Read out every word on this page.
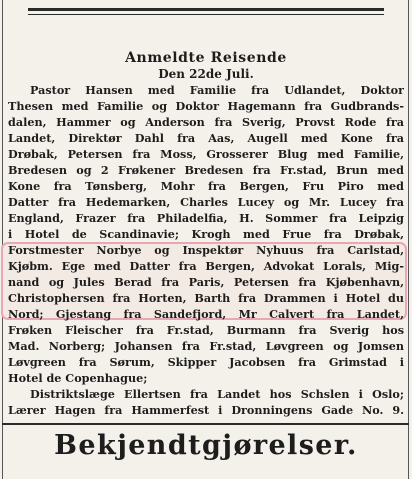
Anmeldte Reisende
Den 22de Juli.
Pastor Hansen med Familie fra Udlandet, Doktor
Thesen med Familie og Doktor Hagemann fra Gudbrands-
dalen, Hammer og Anderson fra Sverig, Provst Rode fra
Landet, Direktør Dahl fra Aas, Augell med Kone fra
Drøbak, Petersen fra Moss, Grosserer Blug med Familie,
Bredesen og 2 Frøkener Bredesen fra Fr.stad, Brun med
Kone fra Tønsberg, Mohr fra Bergen, Fru Piro med
Datter fra Hedemarken, Charles Lucey og Mr. Lucey fra
England, Frazer fra Philadelfia, H. Sommer fra Leipzig
i Hotel de Scandinavie; Krogh med Frue fra Drøbak,
Forstmester Norbye og Inspektør Nyhuus fra Carlstad,
Kjøbm. Ege med Datter fra Bergen, Advokat Lorals, Mig-
nand og Jules Berad fra Paris, Petersen fra Kjøbenhavn,
Christophersen fra Horten, Barth fra Drammen i Hotel du
Nord; Gjestang fra Sandefjord, Mr Calvert fra Landet,
Frøken Fleischer fra Fr.stad, Burmann fra Sverig hos
Mad. Norberg; Johansen fra Fr.stad, Løvgreen og Jomsen
Løvgreen fra Sørum, Skipper Jacobsen fra Grimstad i
Hotel de Copenhague;
Distriktslæge Ellertsen fra Landet hos Schslen i Oslo;
Lærer Hagen fra Hammerfest i Dronningens Gade No. 9.
Bekjendtgjørelser.
